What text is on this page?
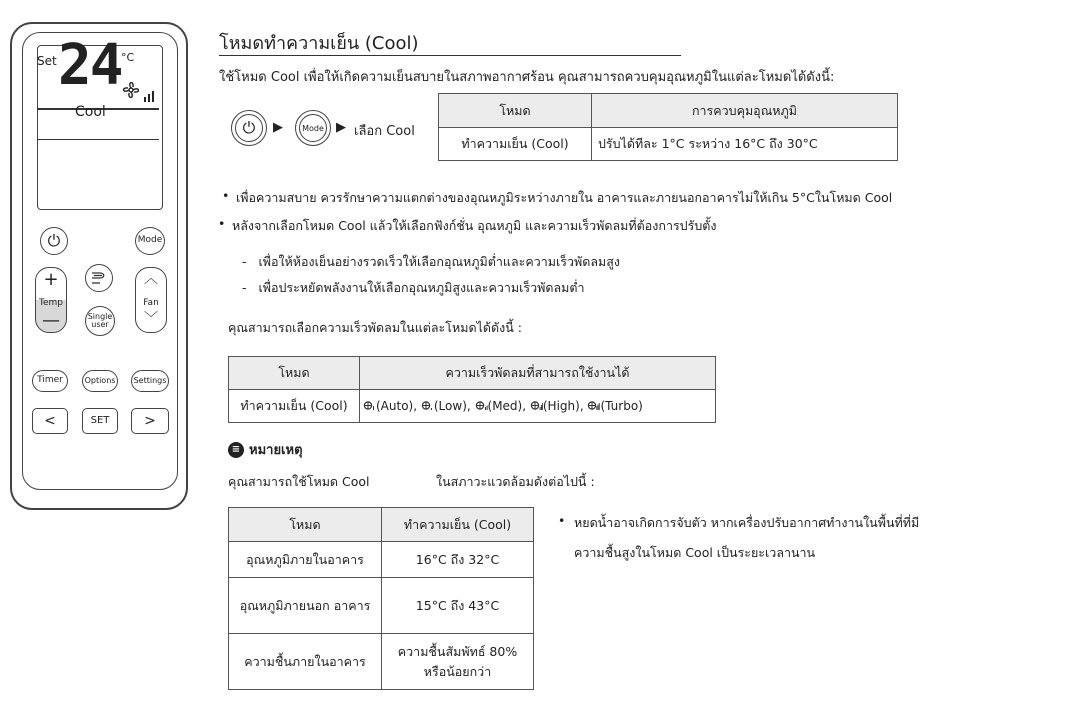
Set 24 °C
Cool
⏻	Mode
+
Temp
—	Single
user
︿
Fan
﹀
Timer	Options Settings
<	SET >
โหมดทำความเย็น (Cool)
ใช้โหมด Cool เพื่อให้เกิดความเย็นสบายในสภาพอากาศร้อน คุณสามารถควบคุมอุณหภูมิในแต่ละโหมดได้ดังนี้:
⏻	▶	Mode ▶ เลือก Cool
โหมด	การควบคุมอุณหภูมิ
ทำความเย็น (Cool)	ปรับได้ทีละ 1°C ระหว่าง 16°C ถึง 30°C
• เพื่อความสบาย ควรรักษาความแตกต่างของอุณหภูมิระหว่างภายใน อาคารและภายนอกอาคารไม่ให้เกิน 5°Cในโหมด Cool
• หลังจากเลือกโหมด Cool แล้วให้เลือกฟังก์ชั่น อุณหภูมิ และความเร็วพัดลมที่ต้องการปรับตั้ง
-   เพื่อให้ห้องเย็นอย่างรวดเร็วให้เลือกอุณหภูมิต่ำและความเร็วพัดลมสูง
-   เพื่อประหยัดพลังงานให้เลือกอุณหภูมิสูงและความเร็วพัดลมต่ำ
คุณสามารถเลือกความเร็วพัดลมในแต่ละโหมดได้ดังนี้ :
โหมด	ความเร็วพัดลมที่สามารถใช้งานได้
ทำความเย็น (Cool)	(Auto), (Low), (Med), (High), (Turbo)
≡ หมายเหตุ
คุณสามารถใช้โหมด Cool	ในสภาวะแวดล้อมดังต่อไปนี้ :
โหมด	ทำความเย็น (Cool)
อุณหภูมิภายในอาคาร	16°C ถึง 32°C
อุณหภูมิภายนอก อาคาร	15°C ถึง 43°C
ความชื้นภายในอาคาร	ความชื้นสัมพัทธ์ 80% หรือน้อยกว่า
• หยดน้ำอาจเกิดการจับตัว หากเครื่องปรับอากาศทำงานในพื้นที่ที่มี
ความชื้นสูงในโหมด Cool เป็นระยะเวลานาน
